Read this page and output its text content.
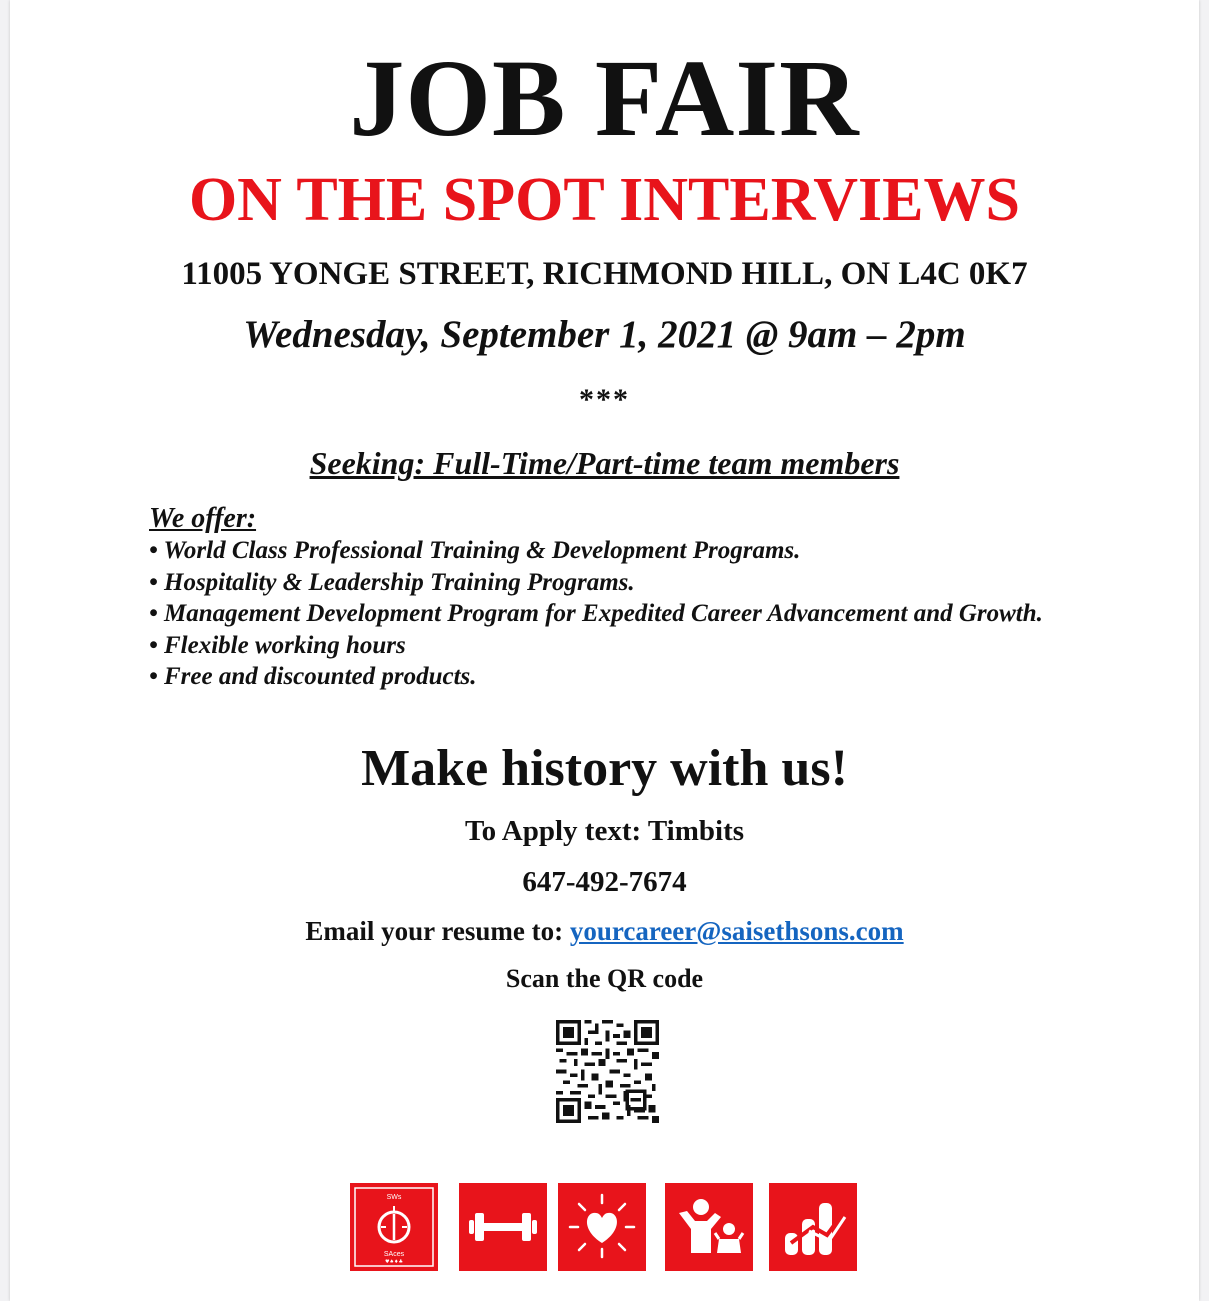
JOB FAIR
ON THE SPOT INTERVIEWS
11005 YONGE STREET, RICHMOND HILL, ON L4C 0K7
Wednesday, September 1, 2021 @ 9am – 2pm
***
Seeking: Full-Time/Part-time team members
We offer:

• World Class Professional Training & Development Programs.

• Hospitality & Leadership Training Programs.

• Management Development Program for Expedited Career Advancement and Growth.

• Flexible working hours

• Free and discounted products.

Make history with us!
To Apply text: Timbits
647-492-7674
Email your resume to: yourcareer@saisethsons.com
Scan the QR code
SWs
SAces
♥♠♦♣
